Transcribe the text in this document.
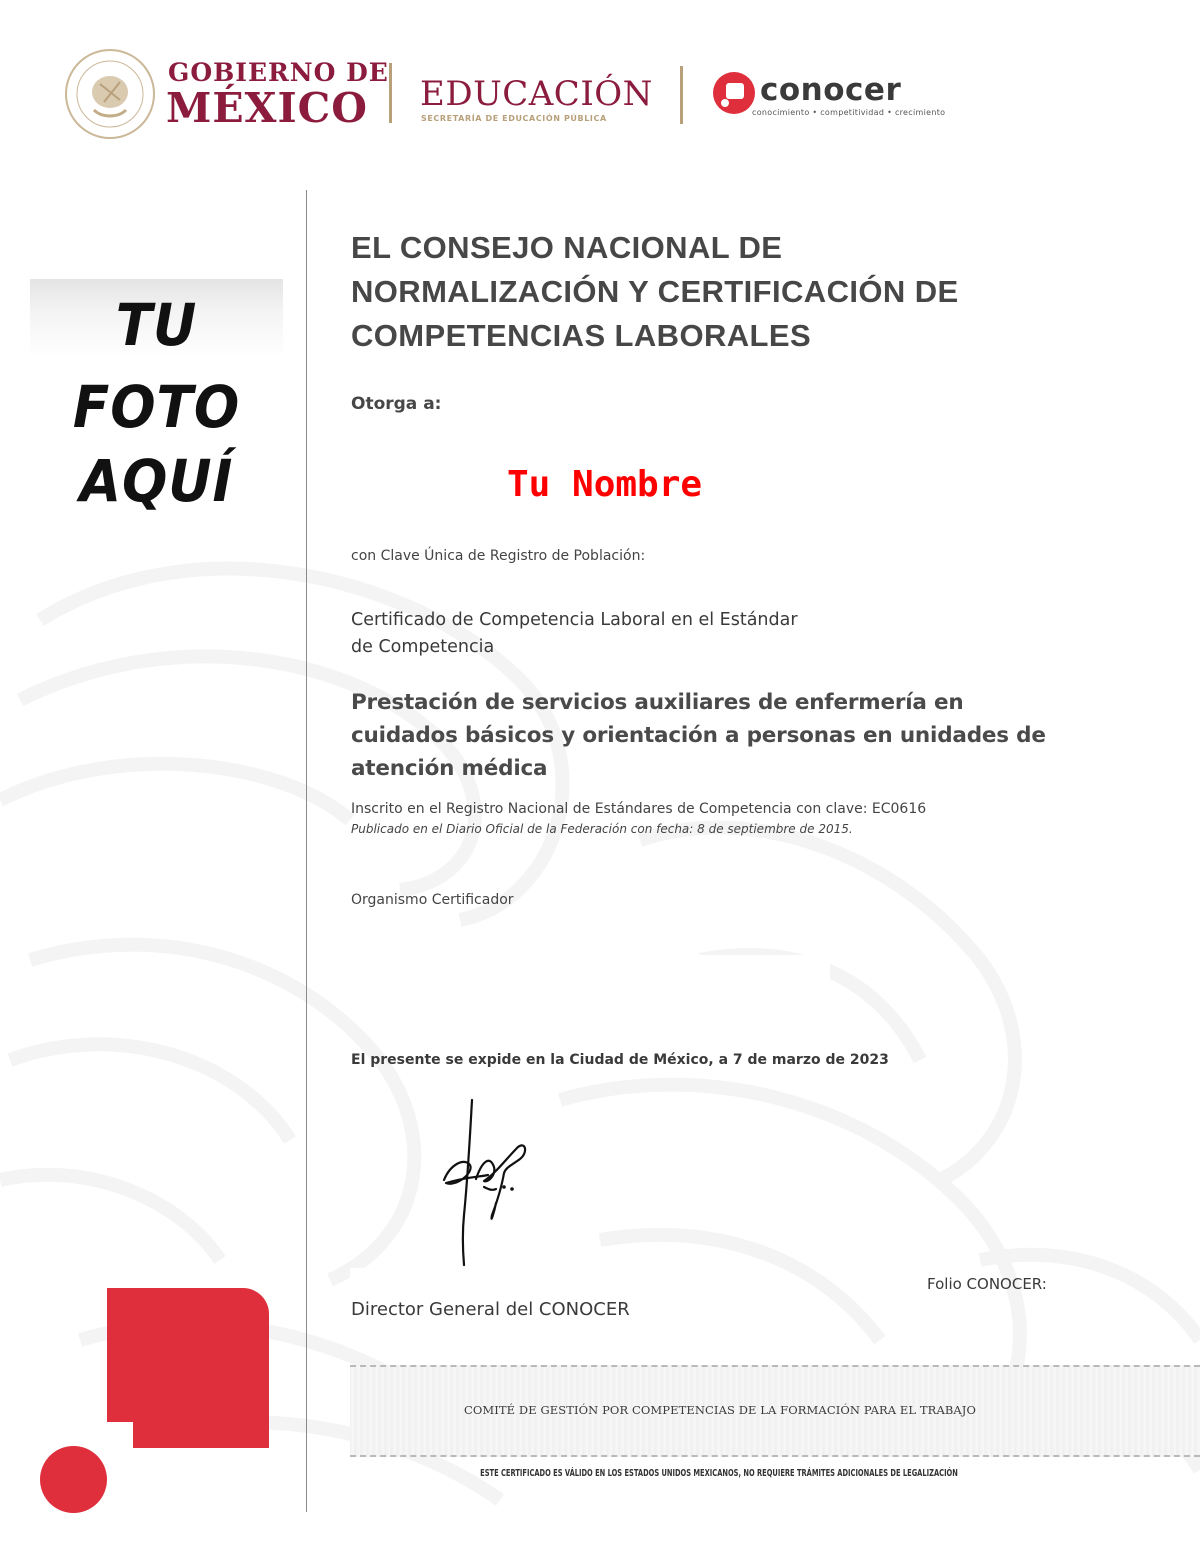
GOBIERNO DE
MÉXICO EDUCACIÓN
SECRETARÍA DE EDUCACIÓN PÚBLICA
conocer
conocimiento • competitividad • crecimiento
TU
FOTO
AQUÍ
EL CONSEJO NACIONAL DE
NORMALIZACIÓN Y CERTIFICACIÓN DE
COMPETENCIAS LABORALES
Otorga a:
Tu Nombre
con Clave Única de Registro de Población:
Certificado de Competencia Laboral en el Estándar
de Competencia
Prestación de servicios auxiliares de enfermería en cuidados básicos y orientación a personas en unidades de atención médica
Inscrito en el Registro Nacional de Estándares de Competencia con clave: EC0616
Publicado en el Diario Oficial de la Federación con fecha: 8 de septiembre de 2015.
Organismo Certificador
El presente se expide en la Ciudad de México, a 7 de marzo de 2023
Director General del CONOCER
Folio CONOCER:
COMITÉ DE GESTIÓN POR COMPETENCIAS DE LA FORMACIÓN PARA EL TRABAJO
ESTE CERTIFICADO ES VÁLIDO EN LOS ESTADOS UNIDOS MEXICANOS, NO REQUIERE TRÁMITES ADICIONALES DE LEGALIZACIÓN
